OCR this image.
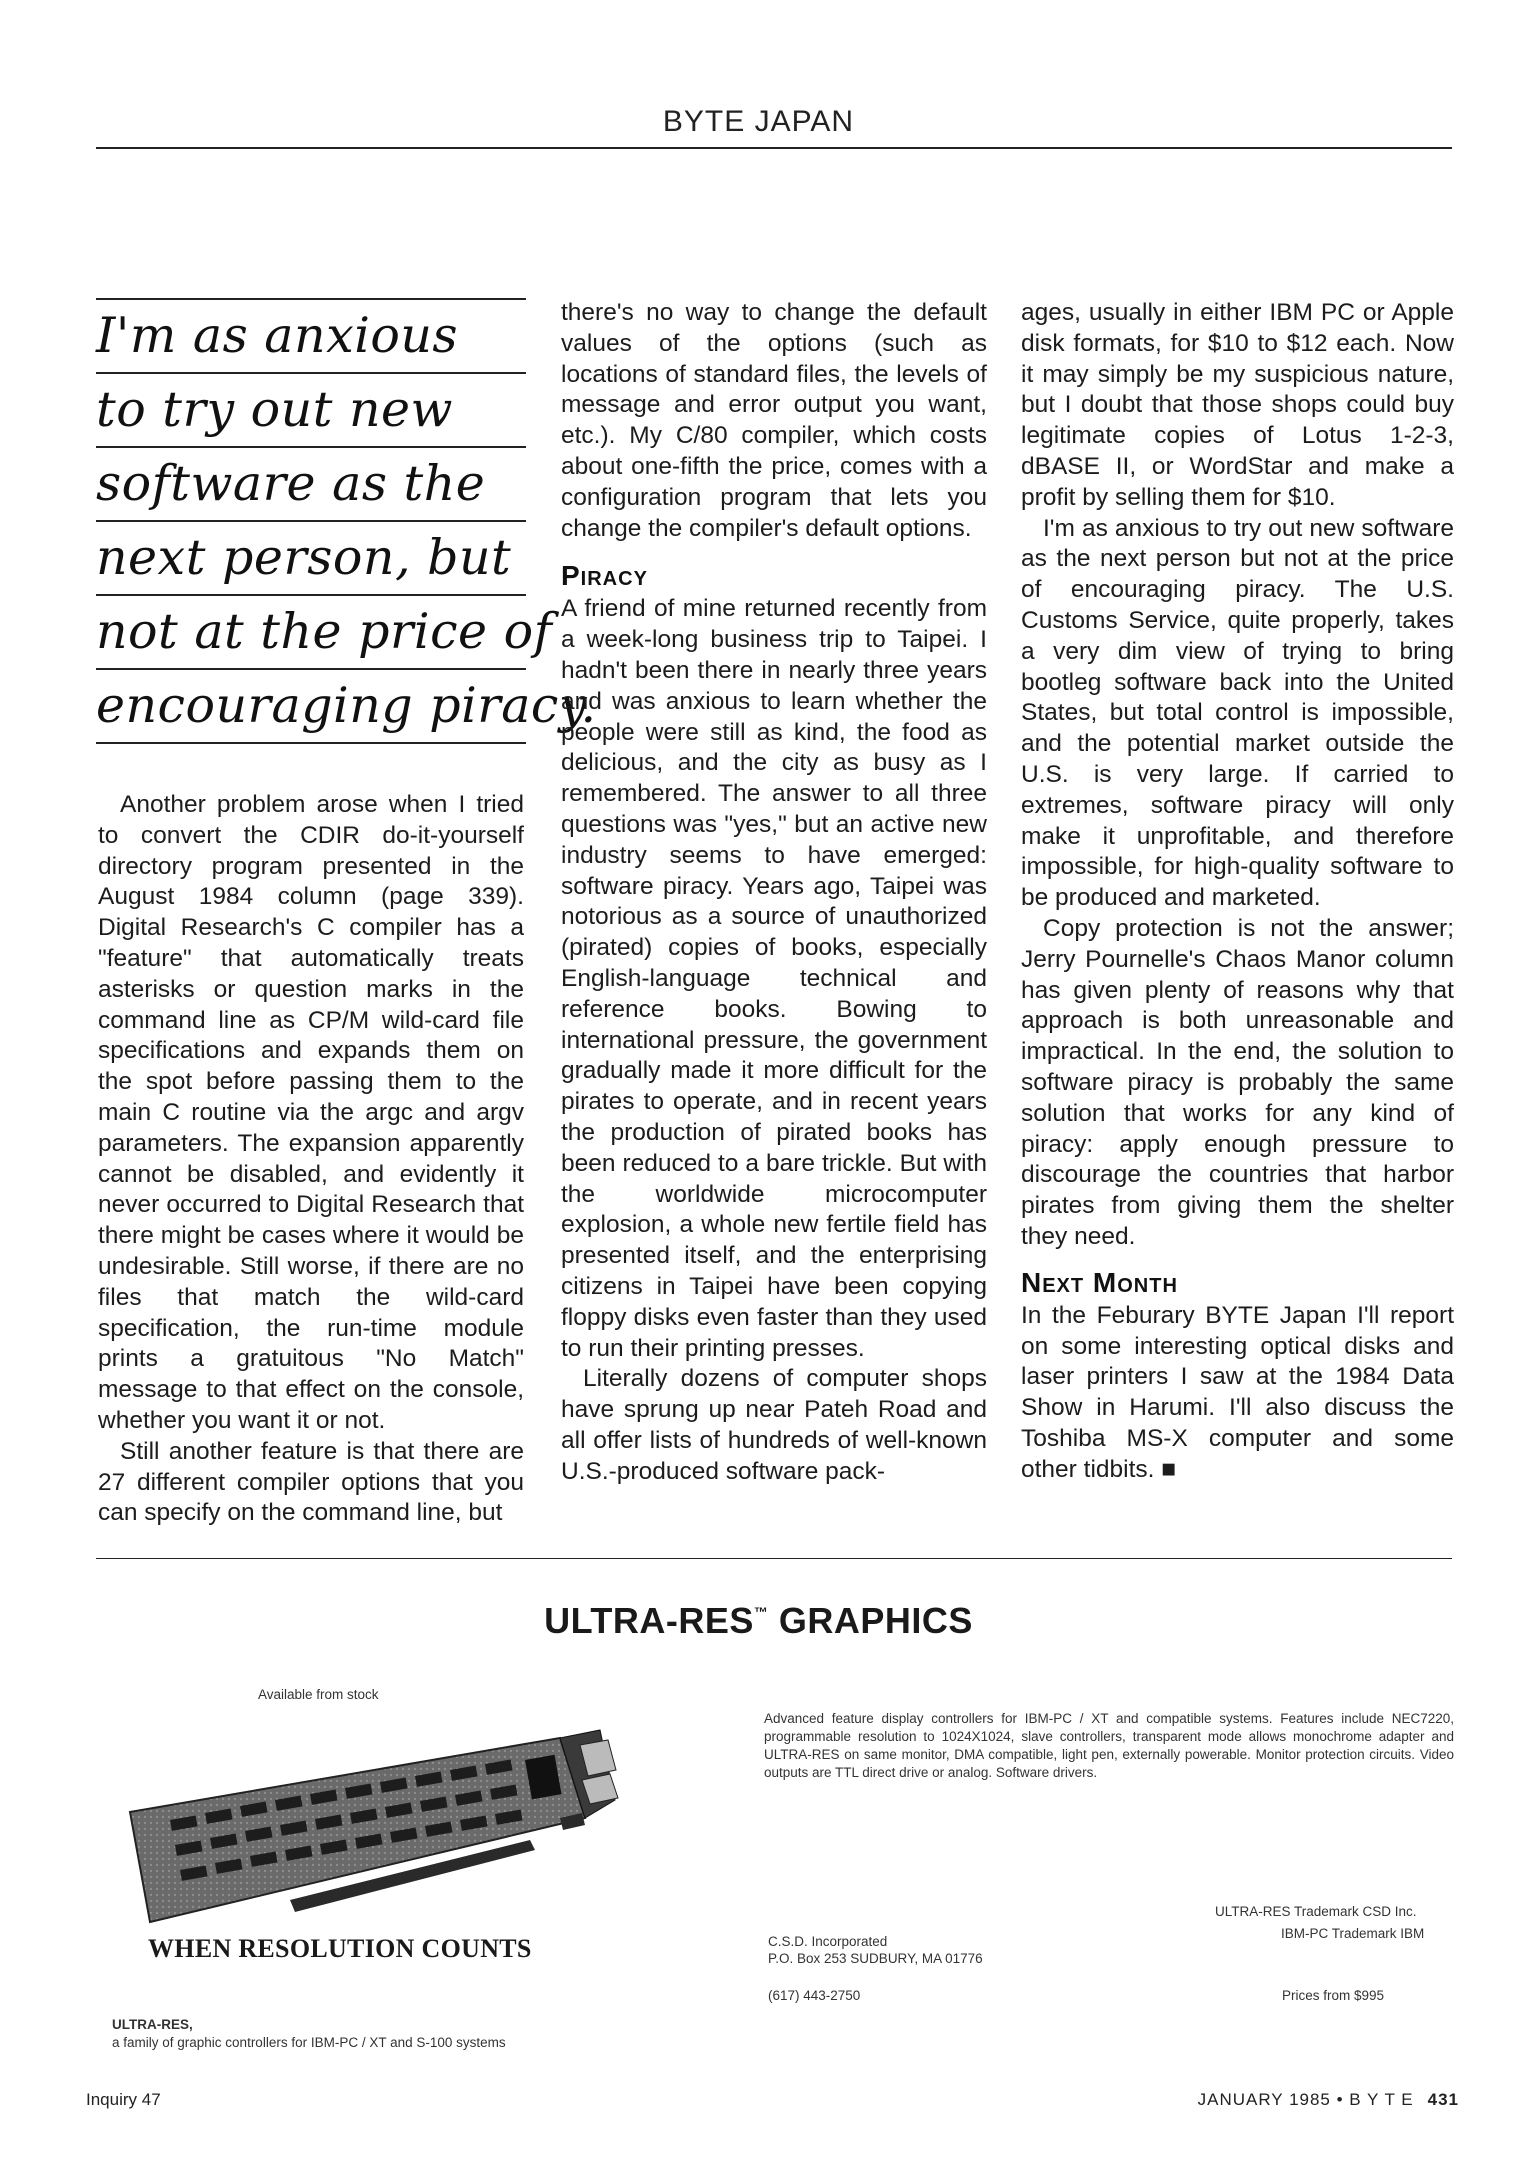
BYTE JAPAN
I'm as anxious
to try out new
software as the
next person, but
not at the price of
encouraging piracy.

Another problem arose when I tried to convert the CDIR do-it-yourself directory program presented in the August 1984 column (page 339). Digital Research's C compiler has a "feature" that automatically treats asterisks or question marks in the command line as CP/M wild-card file specifications and expands them on the spot before passing them to the main C routine via the argc and argv parameters. The expansion apparently cannot be disabled, and evidently it never occurred to Digital Research that there might be cases where it would be undesirable. Still worse, if there are no files that match the wild-card specification, the run-time module prints a gratuitous "No Match" message to that effect on the console, whether you want it or not.

Still another feature is that there are 27 different compiler options that you can specify on the command line, but

there's no way to change the default values of the options (such as locations of standard files, the levels of message and error output you want, etc.). My C/80 compiler, which costs about one-fifth the price, comes with a configuration program that lets you change the compiler's default options.

Piracy

A friend of mine returned recently from a week-long business trip to Taipei. I hadn't been there in nearly three years and was anxious to learn whether the people were still as kind, the food as delicious, and the city as busy as I remembered. The answer to all three questions was "yes," but an active new industry seems to have emerged: software piracy. Years ago, Taipei was notorious as a source of unauthorized (pirated) copies of books, especially English-language technical and reference books. Bowing to international pressure, the government gradually made it more difficult for the pirates to operate, and in recent years the production of pirated books has been reduced to a bare trickle. But with the worldwide microcomputer explosion, a whole new fertile field has presented itself, and the enterprising citizens in Taipei have been copying floppy disks even faster than they used to run their printing presses.

Literally dozens of computer shops have sprung up near Pateh Road and all offer lists of hundreds of well-known U.S.-produced software pack-

ages, usually in either IBM PC or Apple disk formats, for $10 to $12 each. Now it may simply be my suspicious nature, but I doubt that those shops could buy legitimate copies of Lotus 1-2-3, dBASE II, or WordStar and make a profit by selling them for $10.

I'm as anxious to try out new software as the next person but not at the price of encouraging piracy. The U.S. Customs Service, quite properly, takes a very dim view of trying to bring bootleg software back into the United States, but total control is impossible, and the potential market outside the U.S. is very large. If carried to extremes, software piracy will only make it unprofitable, and therefore impossible, for high-quality software to be produced and marketed.

Copy protection is not the answer; Jerry Pournelle's Chaos Manor column has given plenty of reasons why that approach is both unreasonable and impractical. In the end, the solution to software piracy is probably the same solution that works for any kind of piracy: apply enough pressure to discourage the countries that harbor pirates from giving them the shelter they need.

Next Month

In the Feburary BYTE Japan I'll report on some interesting optical disks and laser printers I saw at the 1984 Data Show in Harumi. I'll also discuss the Toshiba MS-X computer and some other tidbits. ■

ULTRA-RES™ GRAPHICS
Available from stock
WHEN RESOLUTION COUNTS
Advanced feature display controllers for IBM-PC / XT and compatible systems. Features include NEC7220, programmable resolution to 1024X1024, slave controllers, transparent mode allows monochrome adapter and ULTRA-RES on same monitor, DMA compatible, light pen, externally powerable. Monitor protection circuits. Video outputs are TTL direct drive or analog. Software drivers.
ULTRA-RES Trademark CSD Inc.
IBM-PC Trademark IBM
C.S.D. Incorporated
P.O. Box 253 SUDBURY, MA 01776
(617) 443-2750	Prices from $995
ULTRA-RES,
a family of graphic controllers for IBM-PC / XT and S-100 systems
Inquiry 47	JANUARY 1985 • B Y T E 431
